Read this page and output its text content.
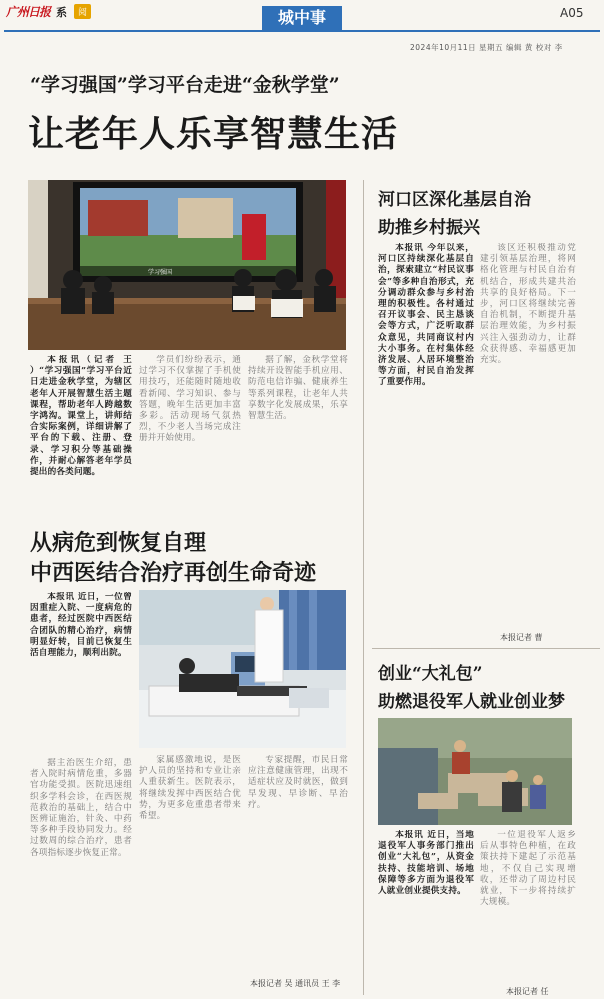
广州日报 系	阅	城中事	A05
2024年10月11日 星期五 编辑 黄 校对 李
“学习强国”学习平台走进“金秋学堂”
让老年人乐享智慧生活
学习强国

本报讯（记者 王 ）“学习强国”学习平台近日走进金秋学堂，为辖区老年人开展智慧生活主题课程，帮助老年人跨越数字鸿沟。课堂上，讲师结合实际案例，详细讲解了平台的下载、注册、登录、学习积分等基础操作，并耐心解答老年学员提出的各类问题。

学员们纷纷表示，通过学习不仅掌握了手机使用技巧，还能随时随地收看新闻、学习知识、参与答题，晚年生活更加丰富多彩。活动现场气氛热烈，不少老人当场完成注册并开始使用。

据了解，金秋学堂将持续开设智能手机应用、防范电信诈骗、健康养生等系列课程，让老年人共享数字化发展成果，乐享智慧生活。

从病危到恢复自理
中西医结合治疗再创生命奇迹

本报讯 近日，一位曾因重症入院、一度病危的患者，经过医院中西医结合团队的精心治疗，病情明显好转，目前已恢复生活自理能力，顺利出院。

据主治医生介绍，患者入院时病情危重，多器官功能受损。医院迅速组织多学科会诊，在西医规范救治的基础上，结合中医辨证施治，针灸、中药等多种手段协同发力。经过数周的综合治疗，患者各项指标逐步恢复正常。

家属感激地说，是医护人员的坚持和专业让亲人重获新生。医院表示，将继续发挥中西医结合优势，为更多危重患者带来希望。

专家提醒，市民日常应注意健康管理，出现不适症状应及时就医，做到早发现、早诊断、早治疗。

本报记者 吴 通讯员 王 李
河口区深化基层自治
助推乡村振兴

本报讯 今年以来，河口区持续深化基层自治，探索建立“村民议事会”等多种自治形式，充分调动群众参与乡村治理的积极性。各村通过召开议事会、民主恳谈会等方式，广泛听取群众意见，共同商议村内大小事务。在村集体经济发展、人居环境整治等方面，村民自治发挥了重要作用。

该区还积极推动党建引领基层治理，将网格化管理与村民自治有机结合，形成共建共治共享的良好格局。下一步，河口区将继续完善自治机制，不断提升基层治理效能，为乡村振兴注入强劲动力，让群众获得感、幸福感更加充实。

本报记者 曹
创业“大礼包”
助燃退役军人就业创业梦

本报讯 近日，当地退役军人事务部门推出创业“大礼包”，从资金扶持、技能培训、场地保障等多方面为退役军人就业创业提供支持。

一位退役军人返乡后从事特色种植，在政策扶持下建起了示范基地，不仅自己实现增收，还带动了周边村民就业，下一步将持续扩大规模。

本报记者 任
